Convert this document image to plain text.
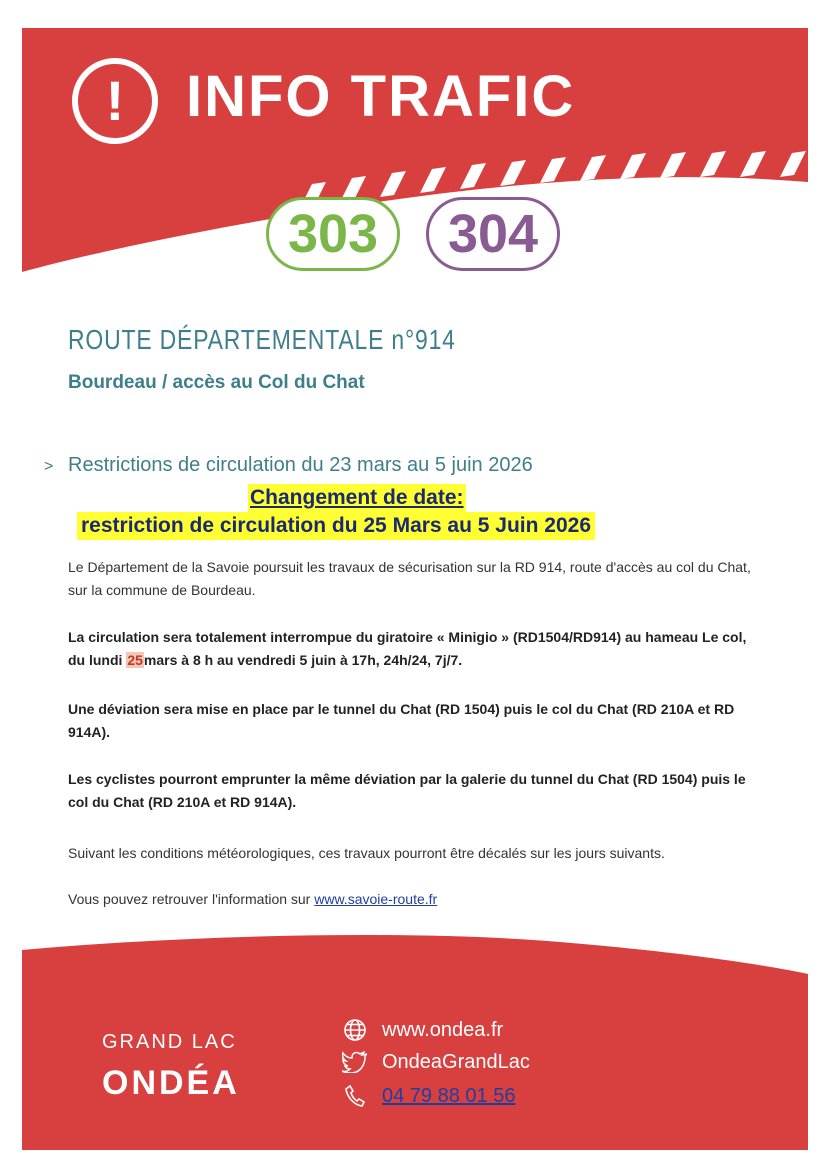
!	INFO TRAFIC
303	304
ROUTE DÉPARTEMENTALE n°914
Bourdeau / accès au Col du Chat
> Restrictions de circulation du 23 mars au 5 juin 2026
Changement de date:
restriction de circulation du 25 Mars au 5 Juin 2026
Le Département de la Savoie poursuit les travaux de sécurisation sur la RD 914, route d'accès au col du Chat, sur la commune de Bourdeau.
La circulation sera totalement interrompue du giratoire « Minigio » (RD1504/RD914) au hameau Le col, du lundi 25mars à 8 h au vendredi 5 juin à 17h, 24h/24, 7j/7.
Une déviation sera mise en place par le tunnel du Chat (RD 1504) puis le col du Chat (RD 210A et RD 914A).
Les cyclistes pourront emprunter la même déviation par la galerie du tunnel du Chat (RD 1504) puis le col du Chat (RD 210A et RD 914A).
Suivant les conditions météorologiques, ces travaux pourront être décalés sur les jours suivants.
Vous pouvez retrouver l'information sur www.savoie-route.fr
GRAND LAC
ONDÉA
www.ondea.fr
OndeaGrandLac
04 79 88 01 56
